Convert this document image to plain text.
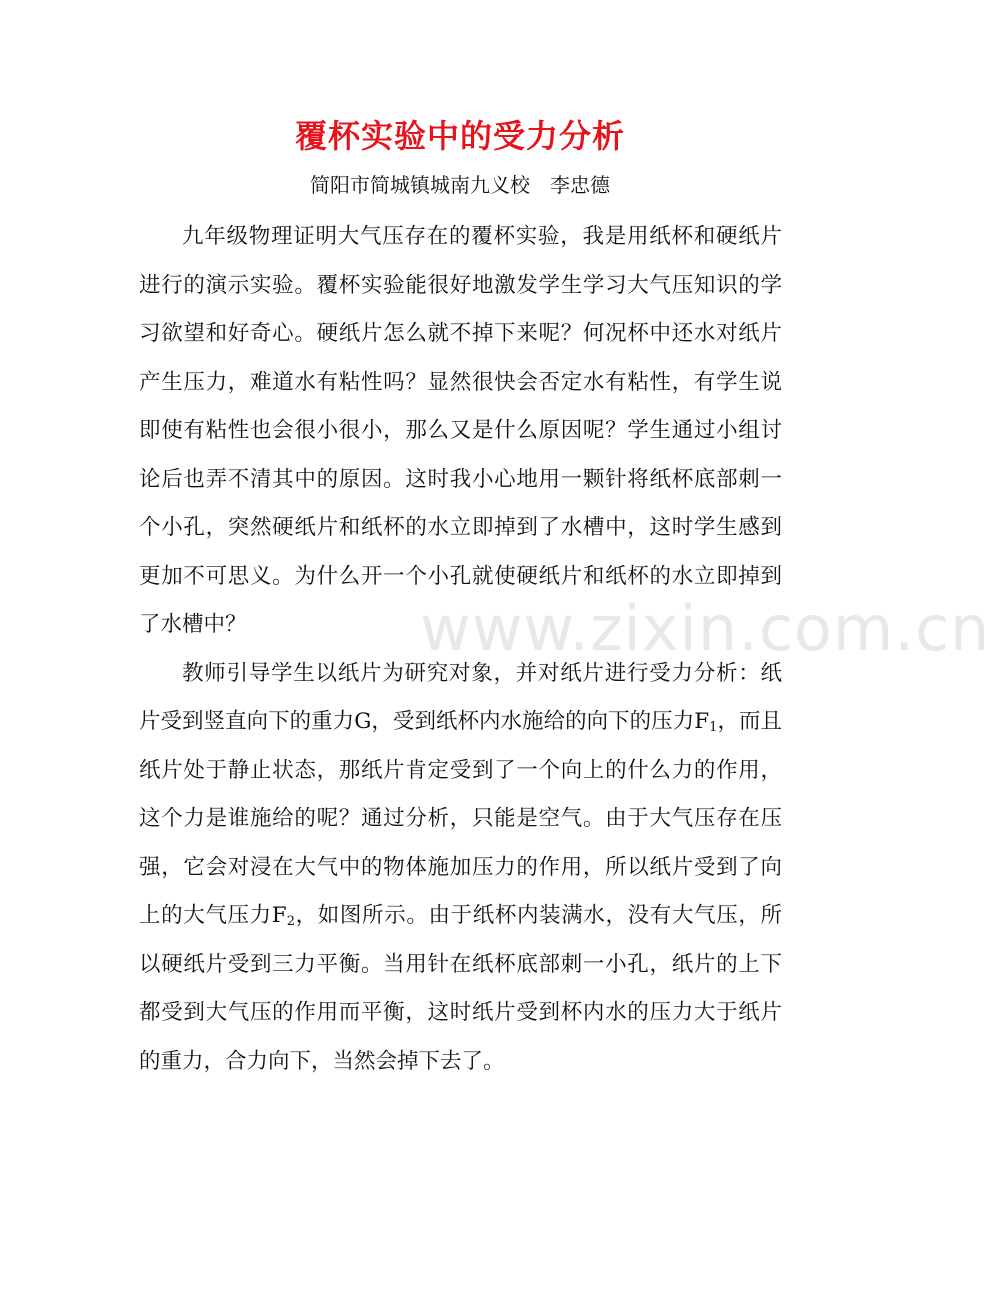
覆杯实验中的受力分析
简阳市简城镇城南九义校　李忠德

九年级物理证明大气压存在的覆杯实验，我是用纸杯和硬纸片进行的演示实验。覆杯实验能很好地激发学生学习大气压知识的学习欲望和好奇心。硬纸片怎么就不掉下来呢？何况杯中还水对纸片产生压力，难道水有粘性吗？显然很快会否定水有粘性，有学生说即使有粘性也会很小很小，那么又是什么原因呢？学生通过小组讨论后也弄不清其中的原因。这时我小心地用一颗针将纸杯底部刺一个小孔，突然硬纸片和纸杯的水立即掉到了水槽中，这时学生感到更加不可思义。为什么开一个小孔就使硬纸片和纸杯的水立即掉到了水槽中？

教师引导学生以纸片为研究对象，并对纸片进行受力分析：纸片受到竖直向下的重力G，受到纸杯内水施给的向下的压力$F_1$，而且纸片处于静止状态，那纸片肯定受到了一个向上的什么力的作用，这个力是谁施给的呢？通过分析，只能是空气。由于大气压存在压强，它会对浸在大气中的物体施加压力的作用，所以纸片受到了向上的大气压力$F_2$，如图所示。由于纸杯内装满水，没有大气压，所以硬纸片受到三力平衡。当用针在纸杯底部刺一小孔，纸片的上下都受到大气压的作用而平衡，这时纸片受到杯内水的压力大于纸片的重力，合力向下，当然会掉下去了。

www.zixin.com.cn
